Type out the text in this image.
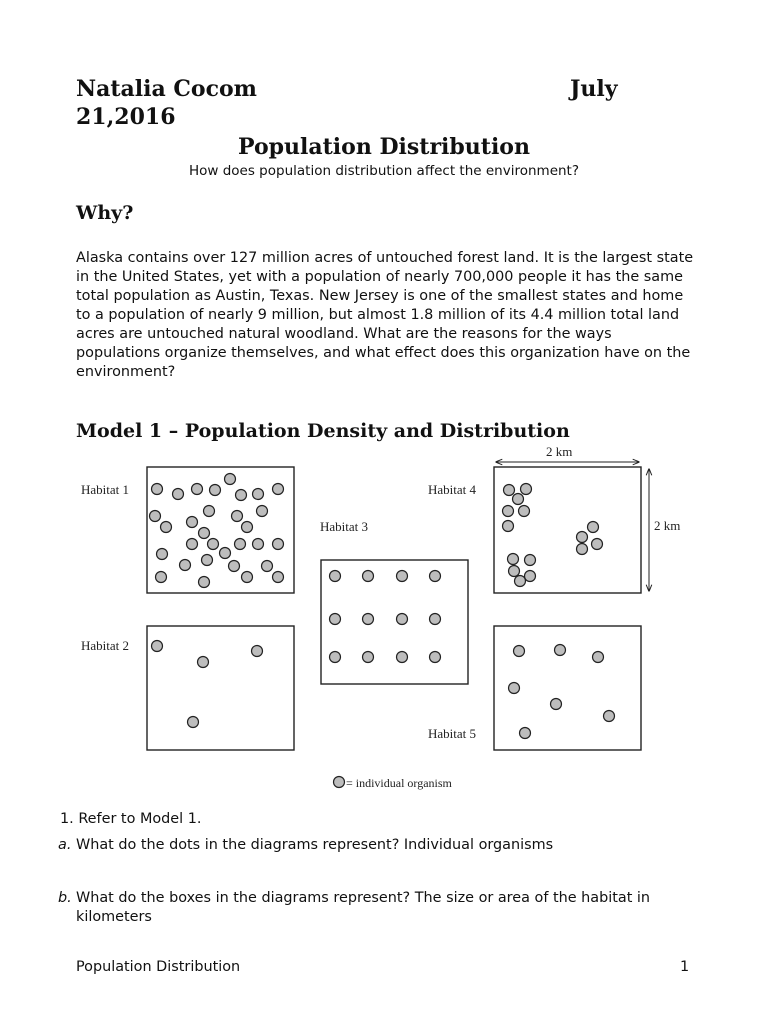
Natalia Cocom	July
21,2016
Population Distribution
How does population distribution affect the environment?
Why?

Alaska contains over 127 million acres of untouched forest land. It is the largest state in the United States, yet with a population of nearly 700,000 people it has the same total population as Austin, Texas. New Jersey is one of the smallest states and home to a population of nearly 9 million, but almost 1.8 million of its 4.4 million total land acres are untouched natural woodland. What are the reasons for the ways populations organize themselves, and what effect does this organization have on the environment?

Model 1 – Population Density and Distribution
Habitat 1
Habitat 2
Habitat 3
Habitat 4
Habitat 5
2 km
2 km
= individual organism
1. Refer to Model 1.
a. What do the dots in the diagrams represent? Individual organisms
b. What do the boxes in the diagrams represent? The size or area of the habitat in kilometers
Population Distribution	1
